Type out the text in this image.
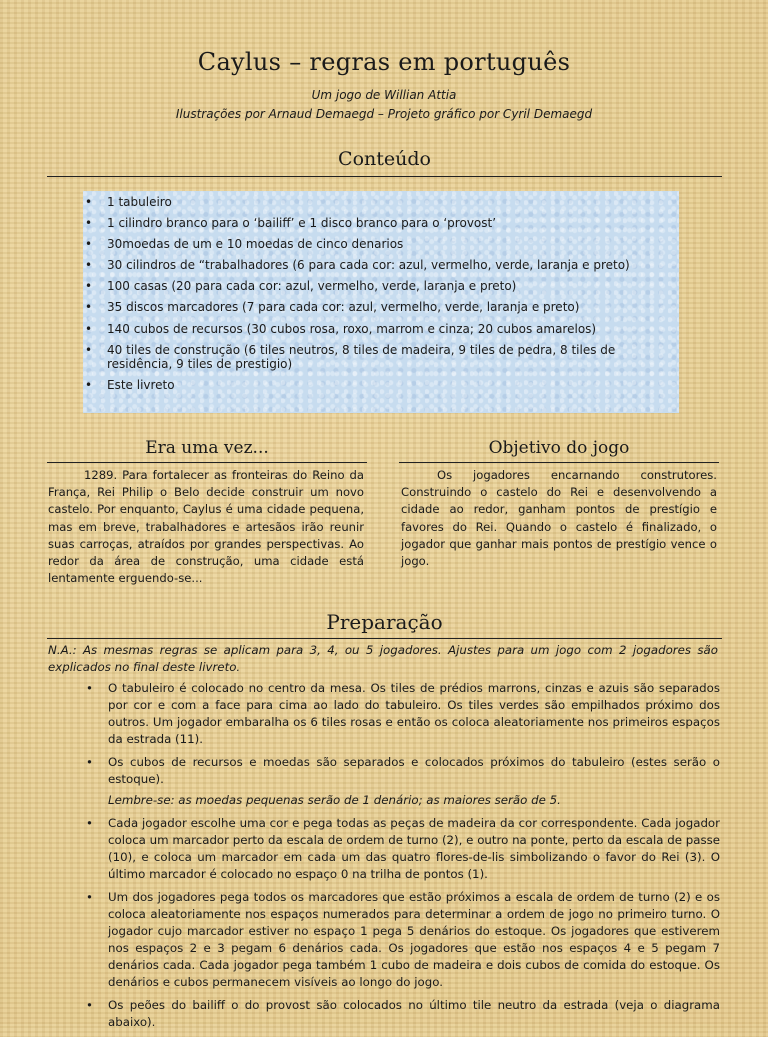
Caylus – regras em português
Um jogo de Willian Attia
Ilustrações por Arnaud Demaegd – Projeto gráfico por Cyril Demaegd
Conteúdo
• 1 tabuleiro
• 1 cilindro branco para o ‘bailiff’ e 1 disco branco para o ‘provost’
• 30moedas de um e 10 moedas de cinco denarios
• 30 cilindros de “trabalhadores (6 para cada cor: azul, vermelho, verde, laranja e preto)
• 100 casas (20 para cada cor: azul, vermelho, verde, laranja e preto)
• 35 discos marcadores (7 para cada cor: azul, vermelho, verde, laranja e preto)
• 140 cubos de recursos (30 cubos rosa, roxo, marrom e cinza; 20 cubos amarelos)
• 40 tiles de construção (6 tiles neutros, 8 tiles de madeira, 9 tiles de pedra, 8 tiles de residência, 9 tiles de prestigio)
• Este livreto
Era uma vez...	Objetivo do jogo

1289. Para fortalecer as fronteiras do Reino da França, Rei Philip o Belo decide construir um novo castelo. Por enquanto, Caylus é uma cidade pequena, mas em breve, trabalhadores e artesãos irão reunir suas carroças, atraídos por grandes perspectivas. Ao redor da área de construção, uma cidade está lentamente erguendo-se...

Os jogadores encarnando construtores. Construindo o castelo do Rei e desenvolvendo a cidade ao redor, ganham pontos de prestígio e favores do Rei. Quando o castelo é finalizado, o jogador que ganhar mais pontos de prestígio vence o jogo.

Preparação

N.A.: As mesmas regras se aplicam para 3, 4, ou 5 jogadores. Ajustes para um jogo com 2 jogadores são explicados no final deste livreto.

• O tabuleiro é colocado no centro da mesa. Os tiles de prédios marrons, cinzas e azuis são separados por cor e com a face para cima ao lado do tabuleiro. Os tiles verdes são empilhados próximo dos outros. Um jogador embaralha os 6 tiles rosas e então os coloca aleatoriamente nos primeiros espaços da estrada (11).
• Os cubos de recursos e moedas são separados e colocados próximos do tabuleiro (estes serão o estoque).
Lembre-se: as moedas pequenas serão de 1 denário; as maiores serão de 5.
• Cada jogador escolhe uma cor e pega todas as peças de madeira da cor correspondente. Cada jogador coloca um marcador perto da escala de ordem de turno (2), e outro na ponte, perto da escala de passe (10), e coloca um marcador em cada um das quatro flores-de-lis simbolizando o favor do Rei (3). O último marcador é colocado no espaço 0 na trilha de pontos (1).
• Um dos jogadores pega todos os marcadores que estão próximos a escala de ordem de turno (2) e os coloca aleatoriamente nos espaços numerados para determinar a ordem de jogo no primeiro turno. O jogador cujo marcador estiver no espaço 1 pega 5 denários do estoque. Os jogadores que estiverem nos espaços 2 e 3 pegam 6 denários cada. Os jogadores que estão nos espaços 4 e 5 pegam 7 denários cada. Cada jogador pega também 1 cubo de madeira e dois cubos de comida do estoque. Os denários e cubos permanecem visíveis ao longo do jogo.
• Os peões do bailiff o do provost são colocados no último tile neutro da estrada (veja o diagrama abaixo).
